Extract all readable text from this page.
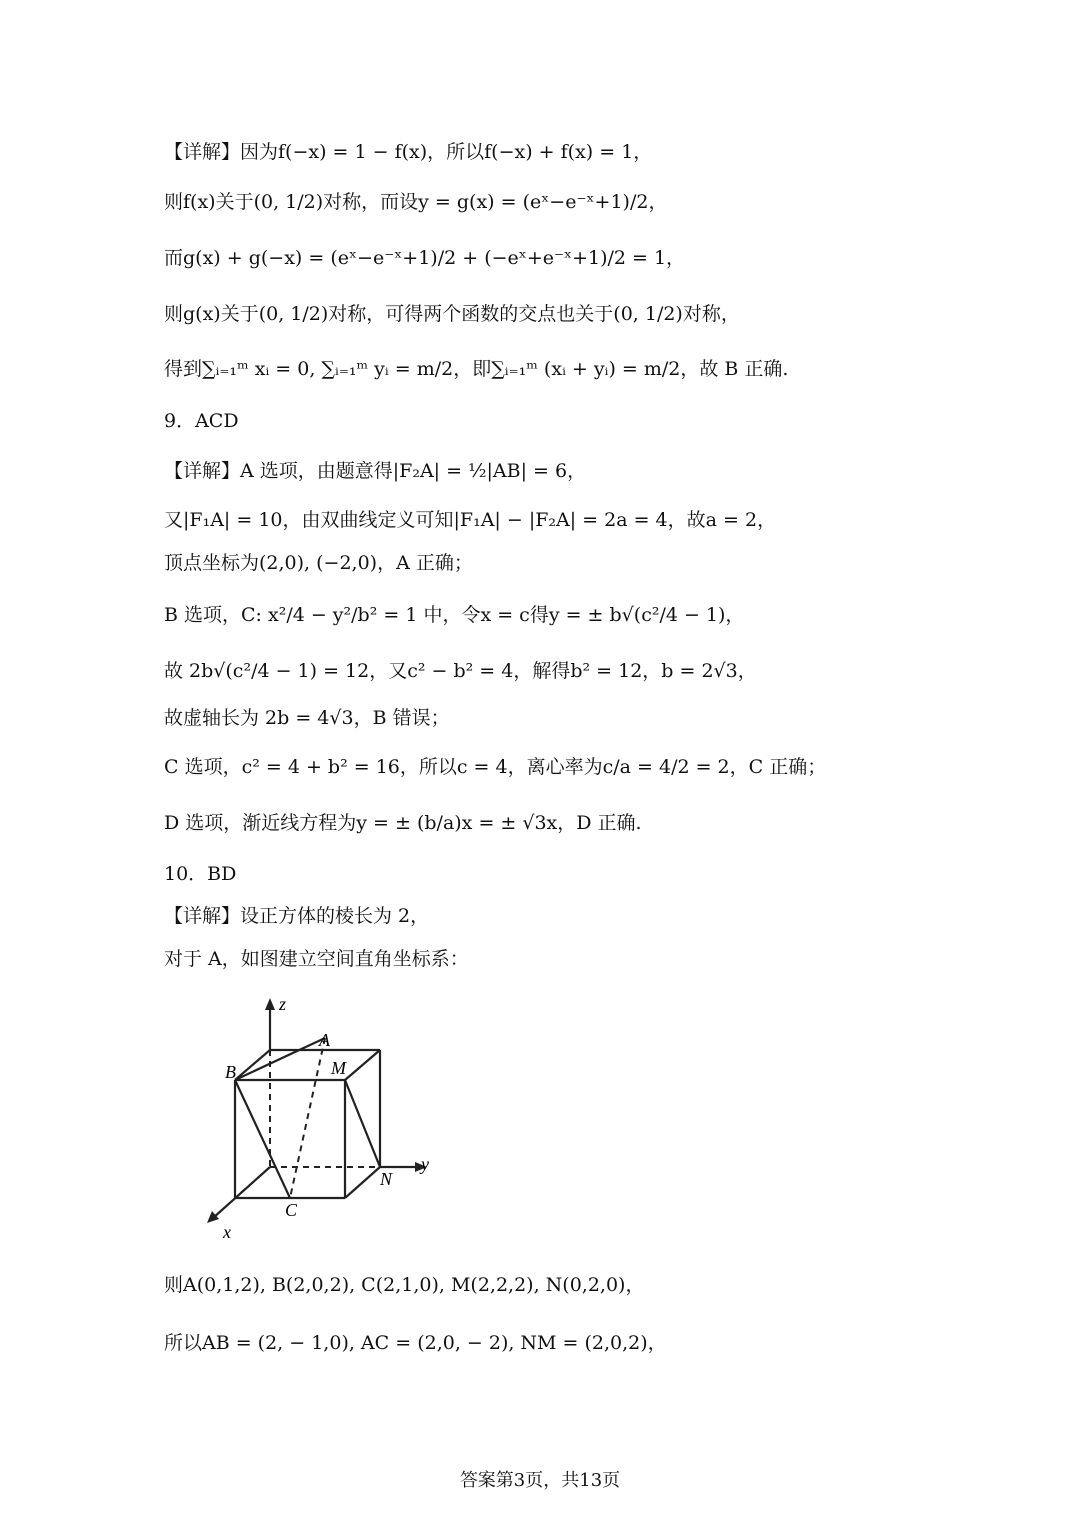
【详解】因为f(−x) = 1 − f(x)，所以f(−x) + f(x) = 1，
则f(x)关于(0, 1/2)对称，而设y = g(x) = (eˣ−e⁻ˣ+1)/2，
而g(x) + g(−x) = (eˣ−e⁻ˣ+1)/2 + (−eˣ+e⁻ˣ+1)/2 = 1，
则g(x)关于(0, 1/2)对称，可得两个函数的交点也关于(0, 1/2)对称，
得到∑ᵢ₌₁ᵐ xᵢ = 0, ∑ᵢ₌₁ᵐ yᵢ = m/2，即∑ᵢ₌₁ᵐ (xᵢ + yᵢ) = m/2，故 B 正确.
9．ACD
【详解】A 选项，由题意得|F₂A| = ½|AB| = 6，
又|F₁A| = 10，由双曲线定义可知|F₁A| − |F₂A| = 2a = 4，故a = 2，
顶点坐标为(2,0), (−2,0)，A 正确；
B 选项，C: x²/4 − y²/b² = 1 中，令x = c得y = ± b√(c²/4 − 1)，
故 2b√(c²/4 − 1) = 12，又c² − b² = 4，解得b² = 12，b = 2√3，
故虚轴长为 2b = 4√3，B 错误；
C 选项，c² = 4 + b² = 16，所以c = 4，离心率为c/a = 4/2 = 2，C 正确；
D 选项，渐近线方程为y = ± (b/a)x = ± √3x，D 正确.
10．BD
【详解】设正方体的棱长为 2，
对于 A，如图建立空间直角坐标系：
z
y
x
A
B	M
N
C
则A(0,1,2), B(2,0,2), C(2,1,0), M(2,2,2), N(0,2,0)，
所以AB = (2, − 1,0), AC = (2,0, − 2), NM = (2,0,2)，
答案第3页，共13页
